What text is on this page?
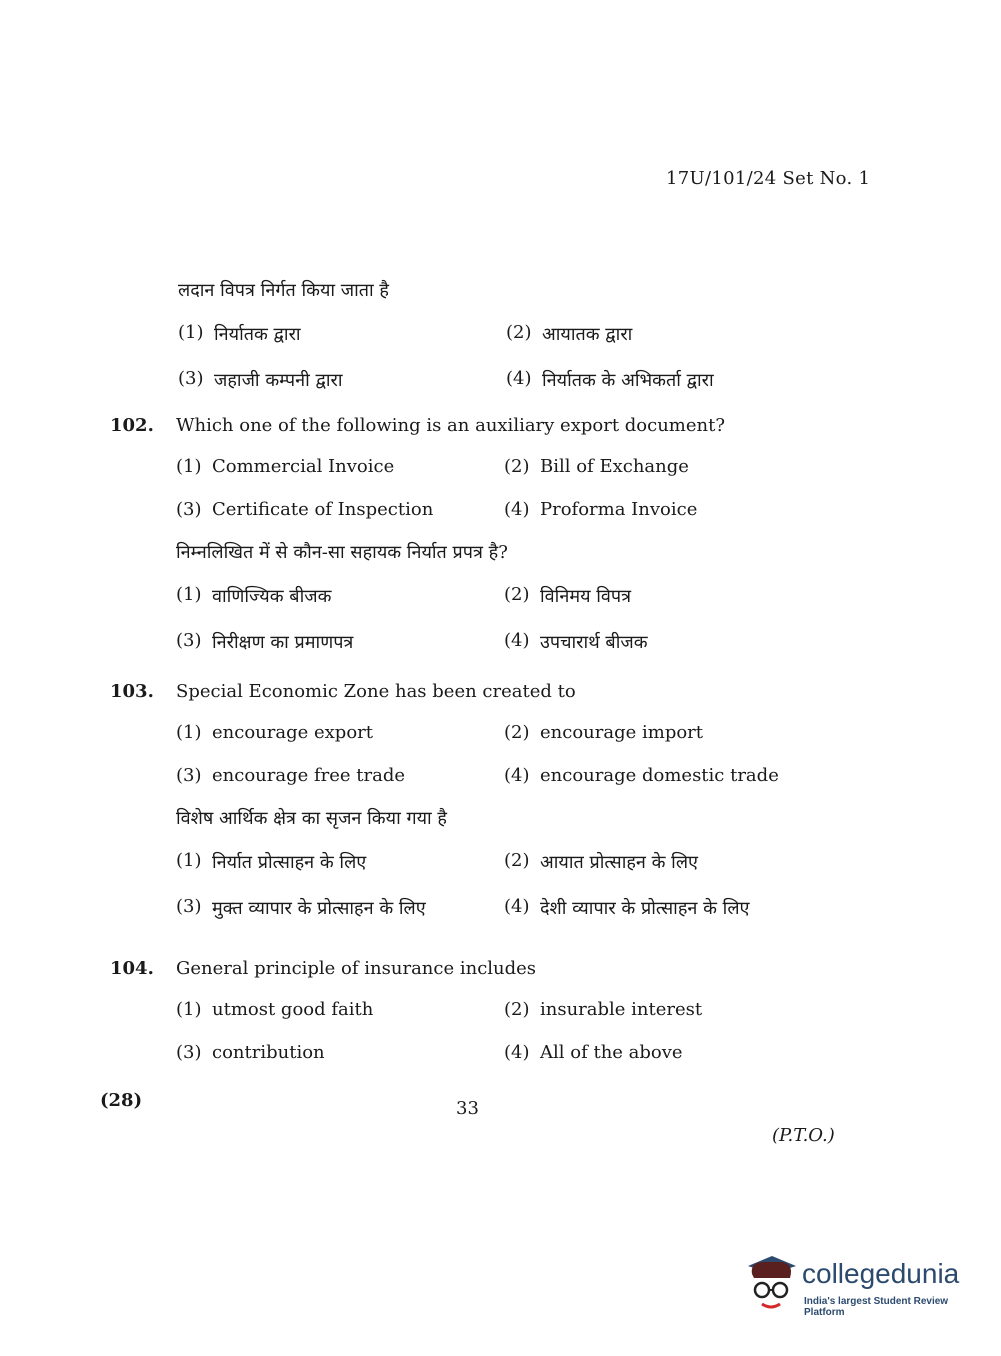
17U/101/24 Set No. 1
लदान विपत्र निर्गत किया जाता है
(1) निर्यातक द्वारा	(2) आयातक द्वारा
(3) जहाजी कम्पनी द्वारा	(4) निर्यातक के अभिकर्ता द्वारा
102. Which one of the following is an auxiliary export document?
(1) Commercial Invoice	(2) Bill of Exchange
(3) Certificate of Inspection	(4) Proforma Invoice
निम्नलिखित में से कौन-सा सहायक निर्यात प्रपत्र है?
(1) वाणिज्यिक बीजक	(2) विनिमय विपत्र
(3) निरीक्षण का प्रमाणपत्र	(4) उपचारार्थ बीजक
103. Special Economic Zone has been created to
(1) encourage export	(2) encourage import
(3) encourage free trade	(4) encourage domestic trade
विशेष आर्थिक क्षेत्र का सृजन किया गया है
(1) निर्यात प्रोत्साहन के लिए	(2) आयात प्रोत्साहन के लिए
(3) मुक्त व्यापार के प्रोत्साहन के लिए	(4) देशी व्यापार के प्रोत्साहन के लिए
104. General principle of insurance includes
(1) utmost good faith	(2) insurable interest
(3) contribution	(4) All of the above
(28)	33
(P.T.O.)
collegedunia
India's largest Student Review Platform
